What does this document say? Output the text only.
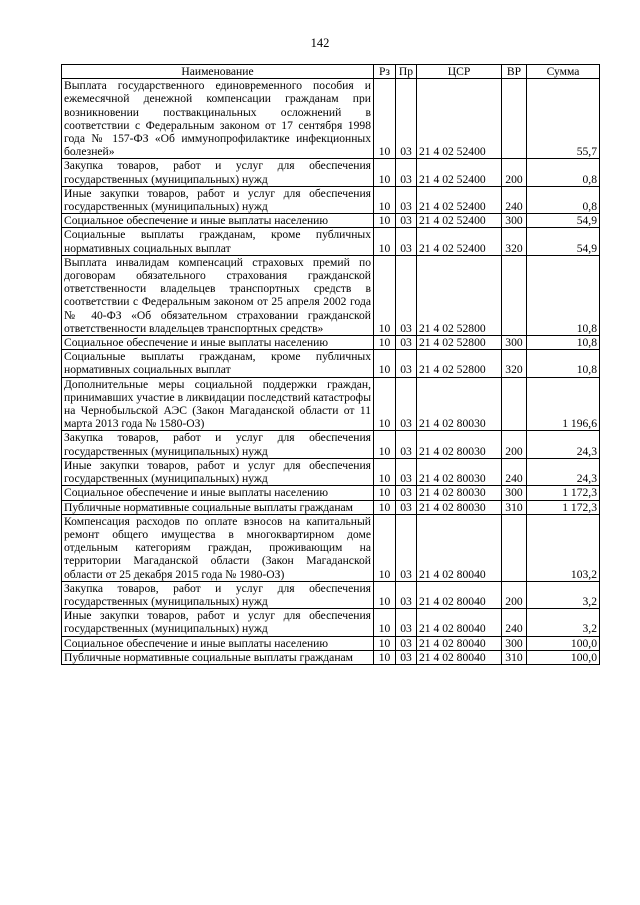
142
Наименование	Рз	Пр	ЦСР	ВР	Сумма
Выплата государственного единовременного пособия и ежемесячной денежной компенсации гражданам при возникновении поствакцинальных осложнений в соответствии с Федеральным законом от 17 сентября 1998 года № 157-ФЗ «Об иммунопрофилактике инфекционных болезней»	10	03	21 4 02 52400		55,7
Закупка товаров, работ и услуг для обеспечения государственных (муниципальных) нужд	10	03	21 4 02 52400	200	0,8
Иные закупки товаров, работ и услуг для обеспечения государственных (муниципальных) нужд	10	03	21 4 02 52400	240	0,8
Социальное обеспечение и иные выплаты населению	10	03	21 4 02 52400	300	54,9
Социальные выплаты гражданам, кроме публичных нормативных социальных выплат	10	03	21 4 02 52400	320	54,9
Выплата инвалидам компенсаций страховых премий по договорам обязательного страхования гражданской ответственности владельцев транспортных средств в соответствии с Федеральным законом от 25 апреля 2002 года № 40-ФЗ «Об обязательном страховании гражданской ответственности владельцев транспортных средств»	10	03	21 4 02 52800		10,8
Социальное обеспечение и иные выплаты населению	10	03	21 4 02 52800	300	10,8
Социальные выплаты гражданам, кроме публичных нормативных социальных выплат	10	03	21 4 02 52800	320	10,8
Дополнительные меры социальной поддержки граждан, принимавших участие в ликвидации последствий катастрофы на Чернобыльской АЭС (Закон Магаданской области от 11 марта 2013 года № 1580-ОЗ)	10	03	21 4 02 80030		1 196,6
Закупка товаров, работ и услуг для обеспечения государственных (муниципальных) нужд	10	03	21 4 02 80030	200	24,3
Иные закупки товаров, работ и услуг для обеспечения государственных (муниципальных) нужд	10	03	21 4 02 80030	240	24,3
Социальное обеспечение и иные выплаты населению	10	03	21 4 02 80030	300	1 172,3
Публичные нормативные социальные выплаты гражданам	10	03	21 4 02 80030	310	1 172,3
Компенсация расходов по оплате взносов на капитальный ремонт общего имущества в многоквартирном доме отдельным категориям граждан, проживающим на территории Магаданской области (Закон Магаданской области от 25 декабря 2015 года № 1980-ОЗ)	10	03	21 4 02 80040		103,2
Закупка товаров, работ и услуг для обеспечения государственных (муниципальных) нужд	10	03	21 4 02 80040	200	3,2
Иные закупки товаров, работ и услуг для обеспечения государственных (муниципальных) нужд	10	03	21 4 02 80040	240	3,2
Социальное обеспечение и иные выплаты населению	10	03	21 4 02 80040	300	100,0
Публичные нормативные социальные выплаты гражданам	10	03	21 4 02 80040	310	100,0
